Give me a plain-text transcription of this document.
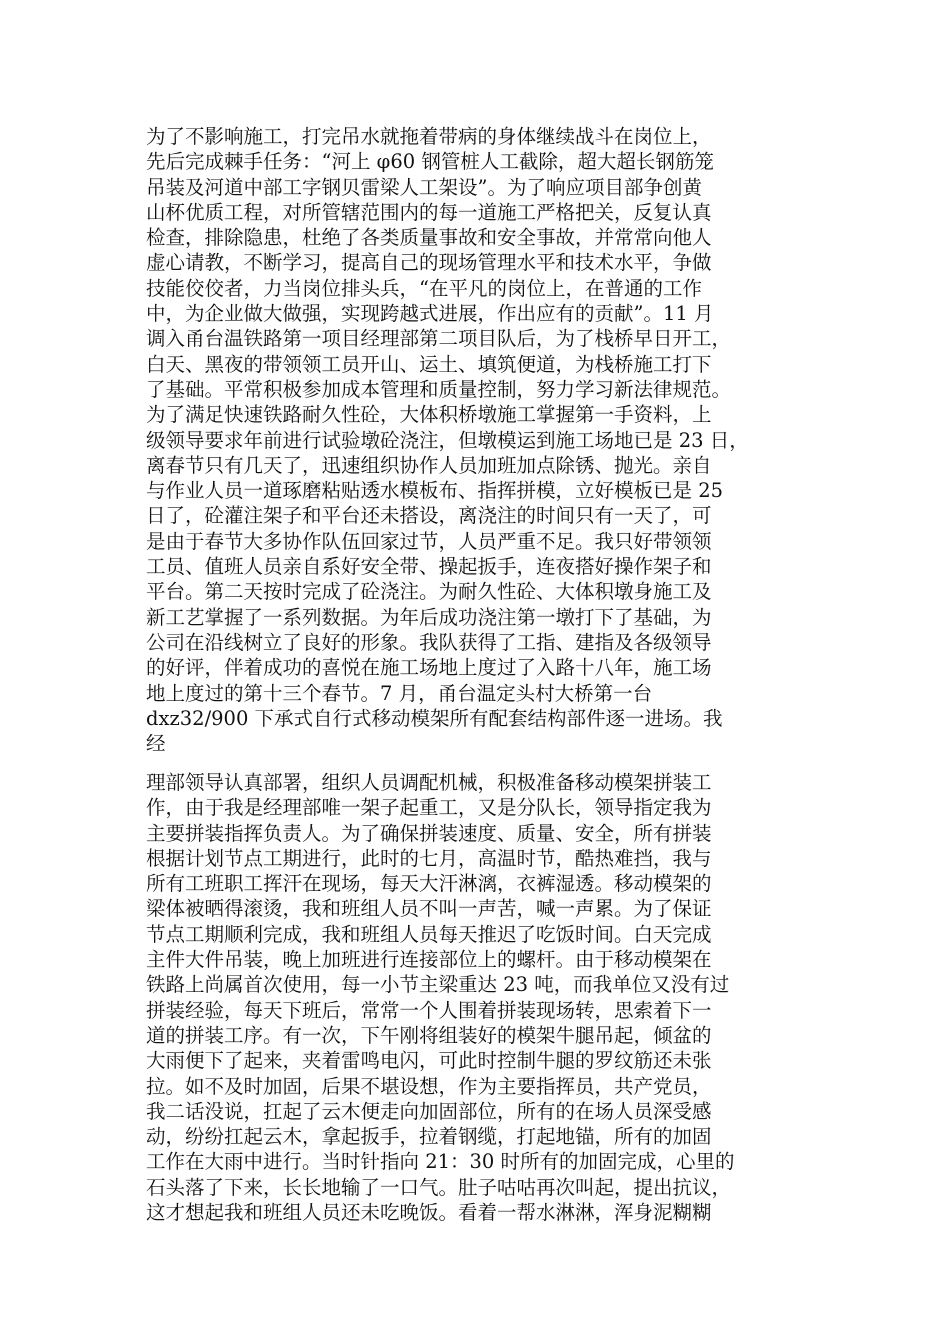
为了不影响施工，打完吊水就拖着带病的身体继续战斗在岗位上，
先后完成棘手任务：“河上 φ60 钢管桩人工截除，超大超长钢筋笼
吊装及河道中部工字钢贝雷梁人工架设”。为了响应项目部争创黄
山杯优质工程，对所管辖范围内的每一道施工严格把关，反复认真
检查，排除隐患，杜绝了各类质量事故和安全事故，并常常向他人
虚心请教，不断学习，提高自己的现场管理水平和技术水平，争做
技能佼佼者，力当岗位排头兵，“在平凡的岗位上，在普通的工作
中，为企业做大做强，实现跨越式进展，作出应有的贡献”。11 月
调入甬台温铁路第一项目经理部第二项目队后，为了栈桥早日开工，
白天、黑夜的带领领工员开山、运土、填筑便道，为栈桥施工打下
了基础。平常积极参加成本管理和质量控制，努力学习新法律规范。
为了满足快速铁路耐久性砼，大体积桥墩施工掌握第一手资料，上
级领导要求年前进行试验墩砼浇注，但墩模运到施工场地已是 23 日，
离春节只有几天了，迅速组织协作人员加班加点除锈、抛光。亲自
与作业人员一道琢磨粘贴透水模板布、指挥拼模，立好模板已是 25
日了，砼灌注架子和平台还未搭设，离浇注的时间只有一天了，可
是由于春节大多协作队伍回家过节，人员严重不足。我只好带领领
工员、值班人员亲自系好安全带、操起扳手，连夜搭好操作架子和
平台。第二天按时完成了砼浇注。为耐久性砼、大体积墩身施工及
新工艺掌握了一系列数据。为年后成功浇注第一墩打下了基础，为
公司在沿线树立了良好的形象。我队获得了工指、建指及各级领导
的好评，伴着成功的喜悦在施工场地上度过了入路十八年，施工场
地上度过的第十三个春节。7 月，甬台温定头村大桥第一台
dxz32/900 下承式自行式移动模架所有配套结构部件逐一进场。我
经
理部领导认真部署，组织人员调配机械，积极准备移动模架拼装工
作，由于我是经理部唯一架子起重工，又是分队长，领导指定我为
主要拼装指挥负责人。为了确保拼装速度、质量、安全，所有拼装
根据计划节点工期进行，此时的七月，高温时节，酷热难挡，我与
所有工班职工挥汗在现场，每天大汗淋漓，衣裤湿透。移动模架的
梁体被晒得滚烫，我和班组人员不叫一声苦，喊一声累。为了保证
节点工期顺利完成，我和班组人员每天推迟了吃饭时间。白天完成
主件大件吊装，晚上加班进行连接部位上的螺杆。由于移动模架在
铁路上尚属首次使用，每一小节主梁重达 23 吨，而我单位又没有过
拼装经验，每天下班后，常常一个人围着拼装现场转，思索着下一
道的拼装工序。有一次，下午刚将组装好的模架牛腿吊起，倾盆的
大雨便下了起来，夹着雷鸣电闪，可此时控制牛腿的罗纹筋还未张
拉。如不及时加固，后果不堪设想，作为主要指挥员，共产党员，
我二话没说，扛起了云木便走向加固部位，所有的在场人员深受感
动，纷纷扛起云木，拿起扳手，拉着钢缆，打起地锚，所有的加固
工作在大雨中进行。当时针指向 21：30 时所有的加固完成，心里的
石头落了下来，长长地输了一口气。肚子咕咕再次叫起，提出抗议，
这才想起我和班组人员还未吃晚饭。看着一帮水淋淋，浑身泥糊糊
